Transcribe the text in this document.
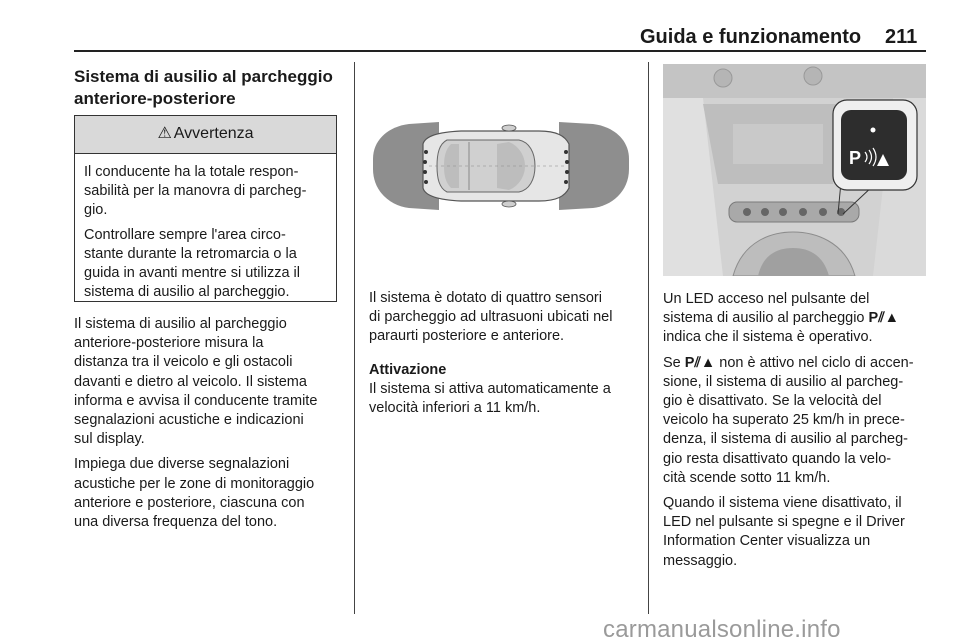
Guida e funzionamento 211
Sistema di ausilio al parcheggio
anteriore-posteriore
⚠ Avvertenza

Il conducente ha la totale respon-
sabilità per la manovra di parcheg-
gio.

Controllare sempre l'area circo-
stante durante la retromarcia o la
guida in avanti mentre si utilizza il
sistema di ausilio al parcheggio.

Il sistema di ausilio al parcheggio
anteriore-posteriore misura la
distanza tra il veicolo e gli ostacoli
davanti e dietro al veicolo. Il sistema
informa e avvisa il conducente tramite
segnalazioni acustiche e indicazioni
sul display.

Impiega due diverse segnalazioni
acustiche per le zone di monitoraggio
anteriore e posteriore, ciascuna con
una diversa frequenza del tono.

Il sistema è dotato di quattro sensori
di parcheggio ad ultrasuoni ubicati nel
paraurti posteriore e anteriore.

Attivazione
Il sistema si attiva automaticamente a
velocità inferiori a 11 km/h.

P

Un LED acceso nel pulsante del
sistema di ausilio al parcheggio P⫽▲
indica che il sistema è operativo.

Se P⫽▲ non è attivo nel ciclo di accen-
sione, il sistema di ausilio al parcheg-
gio è disattivato. Se la velocità del
veicolo ha superato 25 km/h in prece-
denza, il sistema di ausilio al parcheg-
gio resta disattivato quando la velo-
cità scende sotto 11 km/h.

Quando il sistema viene disattivato, il
LED nel pulsante si spegne e il Driver
Information Center visualizza un
messaggio.

carmanualsonline.info
